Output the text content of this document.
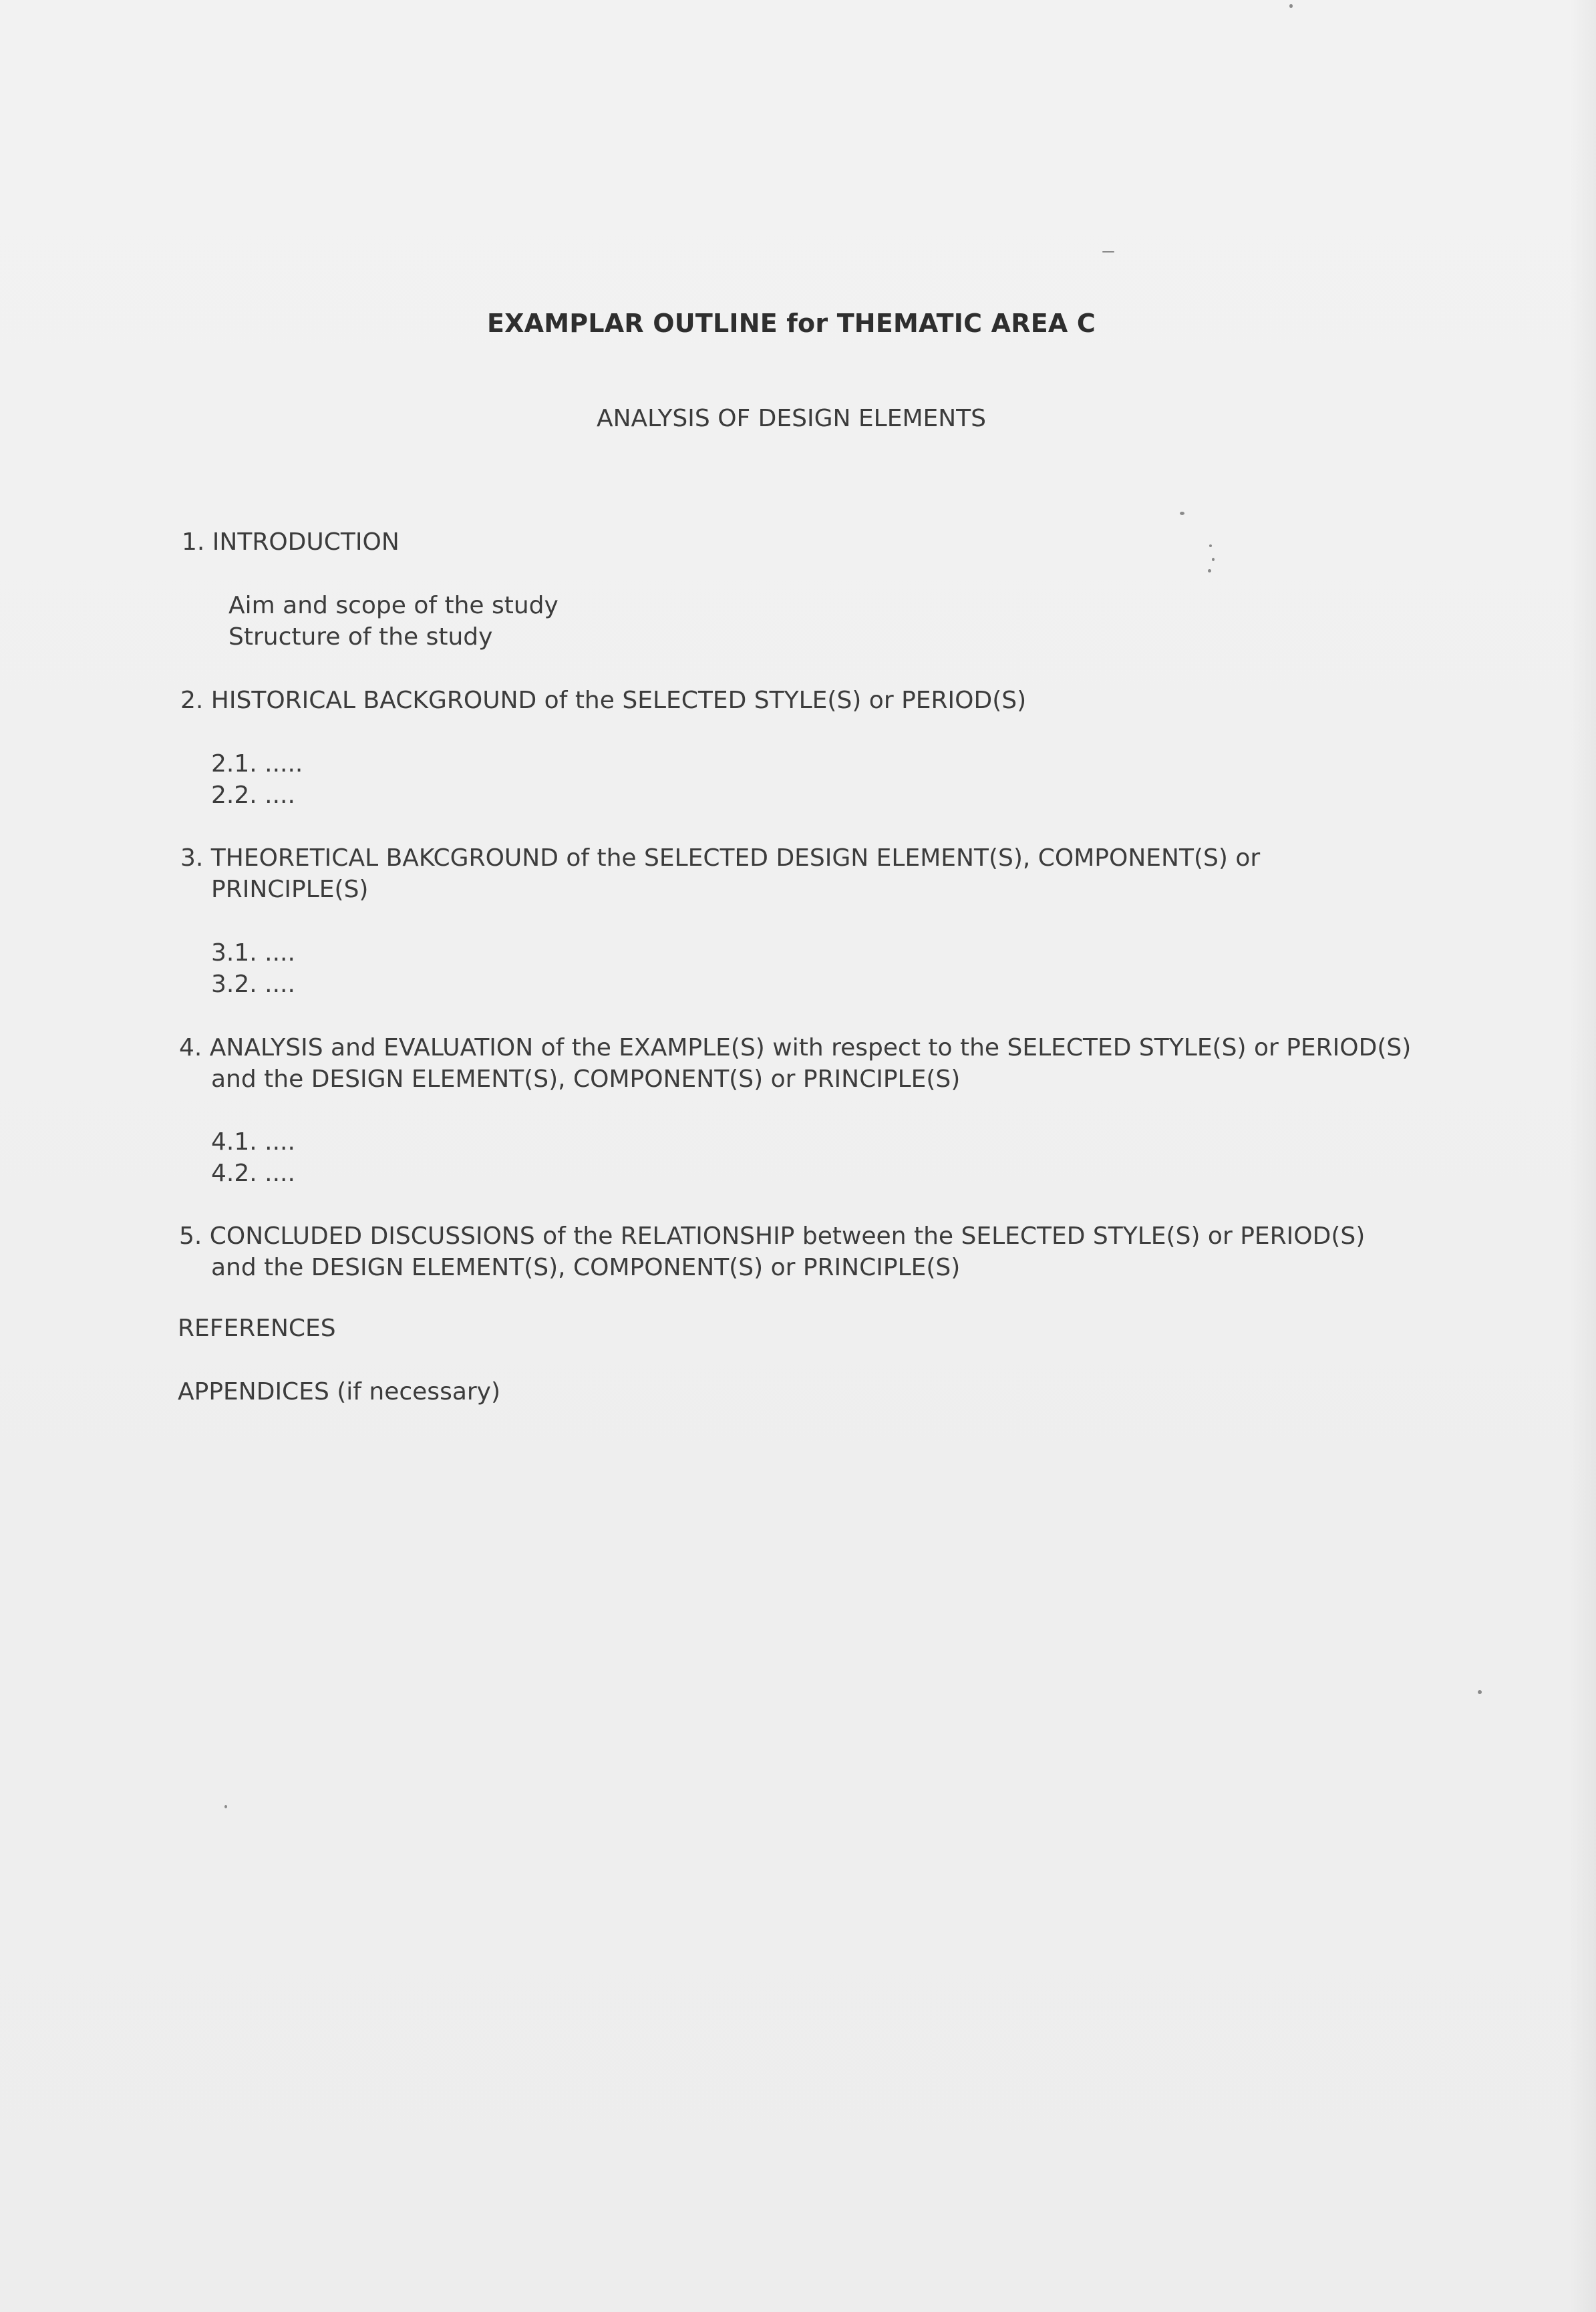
EXAMPLAR OUTLINE for THEMATIC AREA C
ANALYSIS OF DESIGN ELEMENTS
1. INTRODUCTION
Aim and scope of the study
Structure of the study
2. HISTORICAL BACKGROUND of the SELECTED STYLE(S) or PERIOD(S)
2.1. .....
2.2. ....
3. THEORETICAL BAKCGROUND of the SELECTED DESIGN ELEMENT(S), COMPONENT(S) or
PRINCIPLE(S)
3.1. ....
3.2. ....
4. ANALYSIS and EVALUATION of the EXAMPLE(S) with respect to the SELECTED STYLE(S) or PERIOD(S)
and the DESIGN ELEMENT(S), COMPONENT(S) or PRINCIPLE(S)
4.1. ....
4.2. ....
5. CONCLUDED DISCUSSIONS of the RELATIONSHIP between the SELECTED STYLE(S) or PERIOD(S)
and the DESIGN ELEMENT(S), COMPONENT(S) or PRINCIPLE(S)
REFERENCES
APPENDICES (if necessary)
